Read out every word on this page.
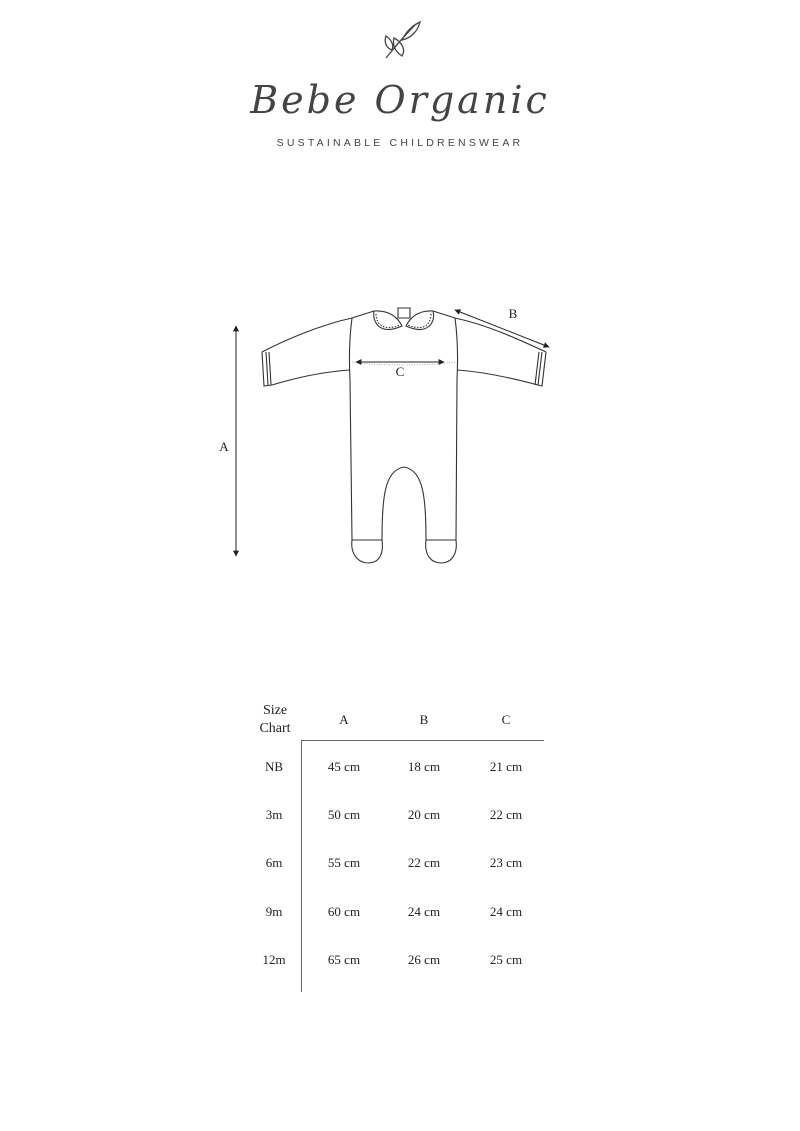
Bebe Organic
SUSTAINABLE CHILDRENSWEAR
A
B
C
Size
Chart
A	B	C
NB	45 cm	18 cm	21 cm
3m	50 cm	20 cm	22 cm
6m	55 cm	22 cm	23 cm
9m	60 cm	24 cm	24 cm
12m	65 cm	26 cm	25 cm
